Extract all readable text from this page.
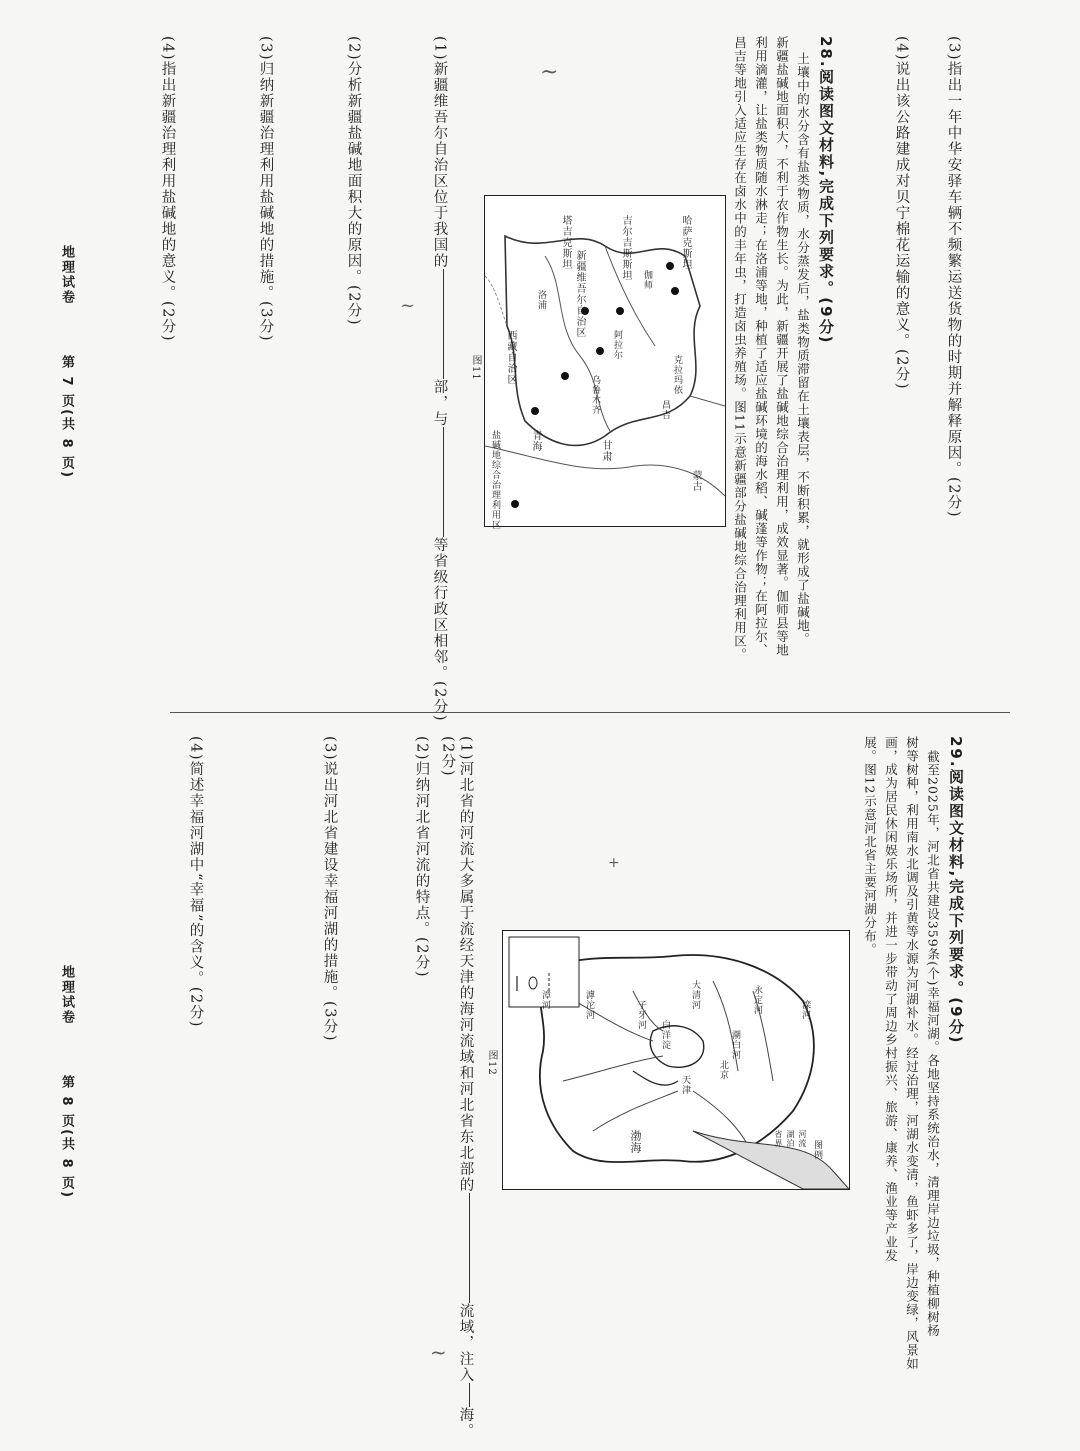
(3)指出一年中华安驿车辆不频繁运送货物的时期并解释原因。(2分)
(4)说出该公路建成对贝宁棉花运输的意义。(2分)
28.阅读图文材料,完成下列要求。(9分)
土壤中的水分含有盐类物质，水分蒸发后，盐类物质滞留在土壤表层，不断积累，就形成了盐碱地。
新疆盐碱地面积大，不利于农作物生长。为此，新疆开展了盐碱地综合治理利用，成效显著。伽师县等地
利用滴灌，让盐类物质随水淋走；在洛浦等地，种植了适应盐碱环境的海水稻、碱蓬等作物；在阿拉尔、
昌吉等地引入适应生存在卤水中的丰年虫，打造卤虫养殖场。图11示意新疆部分盐碱地综合治理利用区。
新疆维吾尔自治区
哈萨克斯坦
蒙古
甘肃
青海
西藏自治区
吉尔吉斯斯坦
塔吉克斯坦
伽师
阿拉尔
洛浦
昌吉
克拉玛依
乌鲁木齐
盐碱地综合治理利用区
图11
(1)新疆维吾尔自治区位于我国的部，与等省级行政区相邻。(2分)
(2)分析新疆盐碱地面积大的原因。(2分)
(3)归纳新疆治理利用盐碱地的措施。(3分)
(4)指出新疆治理利用盐碱地的意义。(2分)
地理试卷
第 7 页(共 8 页)
29.阅读图文材料,完成下列要求。(9分)
截至2025年，河北省共建设359条(个)幸福河湖。各地坚持系统治水，清理岸边垃圾，种植柳树杨
树等树种，利用南水北调及引黄等水源为河湖补水。经过治理，河湖水变清，鱼虾多了，岸边变绿，风景如
画，成为居民休闲娱乐场所，并进一步带动了周边乡村振兴、旅游、康养、渔业等产业发
展。图12示意河北省主要河湖分布。
渤海
白洋淀
永定河	滦河
潮白河
子牙河
滹沱河
漳河	大清河
北京
天津
图例
河流
湖泊
省界
图12
(1)河北省的河流大多属于流经天津的海河流域和河北省东北部的流域，注入海。
(2分)
(2)归纳河北省河流的特点。(2分)
(3)说出河北省建设幸福河湖的措施。(3分)
(4)简述幸福河湖中“幸福”的含义。(2分)
地理试卷
第 8 页(共 8 页)
~
~
+
~
